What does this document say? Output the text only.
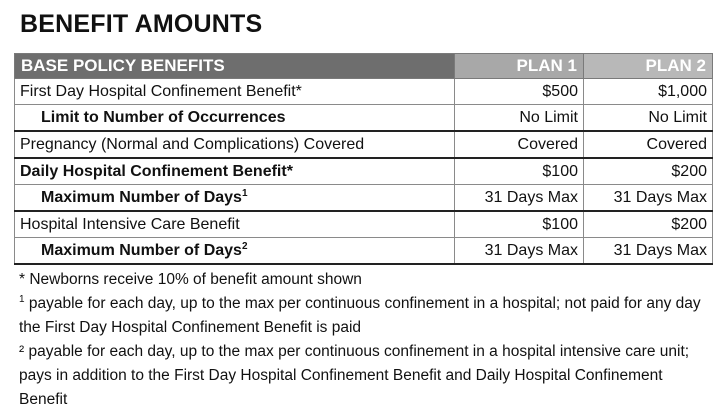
BENEFIT AMOUNTS
BASE POLICY BENEFITS	PLAN 1	PLAN 2
First Day Hospital Confinement Benefit*	$500	$1,000
Limit to Number of Occurrences	No Limit	No Limit
Pregnancy (Normal and Complications) Covered	Covered	Covered
Daily Hospital Confinement Benefit*	$100	$200
Maximum Number of Days$^1$	31 Days Max	31 Days Max
Hospital Intensive Care Benefit	$100	$200
Maximum Number of Days$^2$	31 Days Max	31 Days Max

* Newborns receive 10% of benefit amount shown

$^1$ payable for each day, up to the max per continuous confinement in a hospital; not paid for any day the First Day Hospital Confinement Benefit is paid

² payable for each day, up to the max per continuous confinement in a hospital intensive care unit; pays in addition to the First Day Hospital Confinement Benefit and Daily Hospital Confinement Benefit
